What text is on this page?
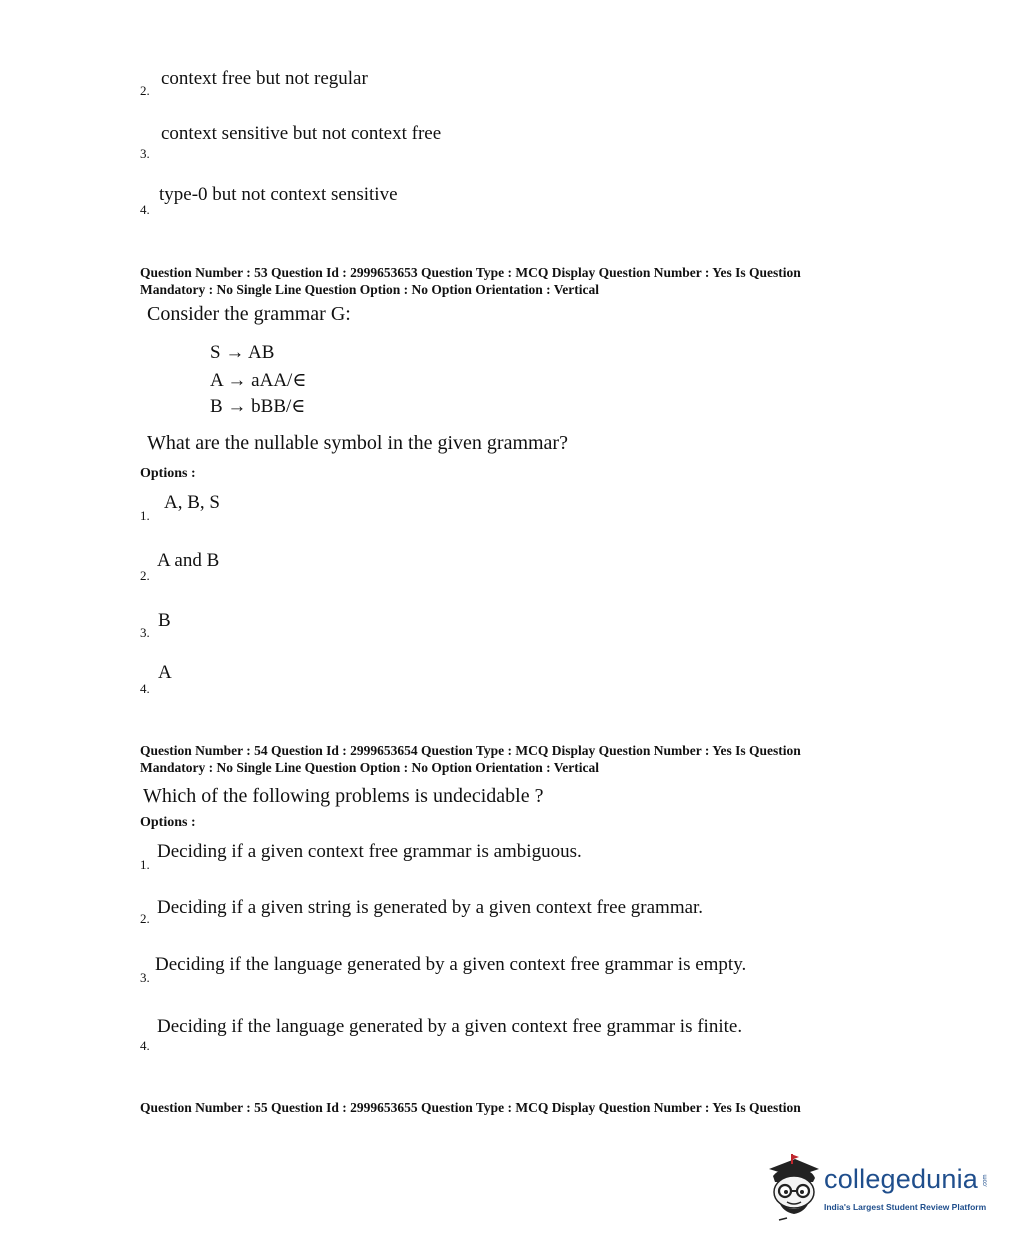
context free but not regular
2.
context sensitive but not context free
3.
type-0 but not context sensitive
4.
Question Number : 53 Question Id : 2999653653 Question Type : MCQ Display Question Number : Yes Is Question
Mandatory : No Single Line Question Option : No Option Orientation : Vertical
Consider the grammar G:
S → AB
A → aAA/∈
B → bBB/∈
What are the nullable symbol in the given grammar?
Options :
A, B, S
1.
A and B
2.
B
3.
A
4.
Question Number : 54 Question Id : 2999653654 Question Type : MCQ Display Question Number : Yes Is Question
Mandatory : No Single Line Question Option : No Option Orientation : Vertical
Which of the following problems is undecidable ?
Options :
Deciding if a given context free grammar is ambiguous.
1.
Deciding if a given string is generated by a given context free grammar.
2.
Deciding if the language generated by a given context free grammar is empty.
3.
Deciding if the language generated by a given context free grammar is finite.
4.
Question Number : 55 Question Id : 2999653655 Question Type : MCQ Display Question Number : Yes Is Question
collegedunia .com
India's Largest Student Review Platform
